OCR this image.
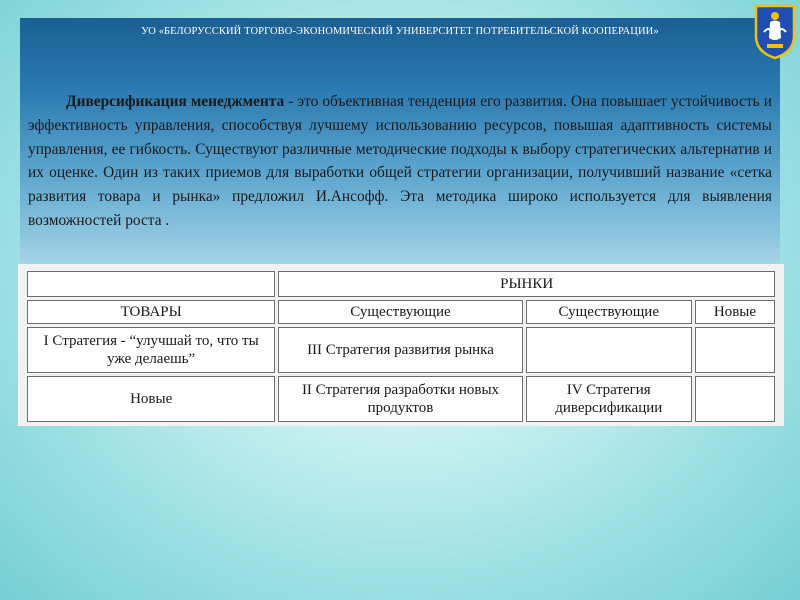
УО «БЕЛОРУССКИЙ ТОРГОВО-ЭКОНОМИЧЕСКИЙ УНИВЕРСИТЕТ ПОТРЕБИТЕЛЬСКОЙ КООПЕРАЦИИ»

Диверсификация менеджмента - это объективная тенденция его развития. Она повышает устойчивость и эффективность управления, способствуя лучшему использованию ресурсов, повышая адаптивность системы управления, ее гибкость. Существуют различные методические подходы к выбору стратегических альтернатив и их оценке. Один из таких приемов для выработки общей стратегии организации, получивший название «сетка развития товара и рынка» предложил И.Ансофф. Эта методика широко используется для выявления возможностей роста .

	РЫНКИ		
ТОВАРЫ	Существующие	Существующие	Новые
I Стратегия - “улучшай то, что ты уже делаешь”	III Стратегия развития рынка		
Новые	II Стратегия разработки новых продуктов	IV Стратегия диверсификации	
